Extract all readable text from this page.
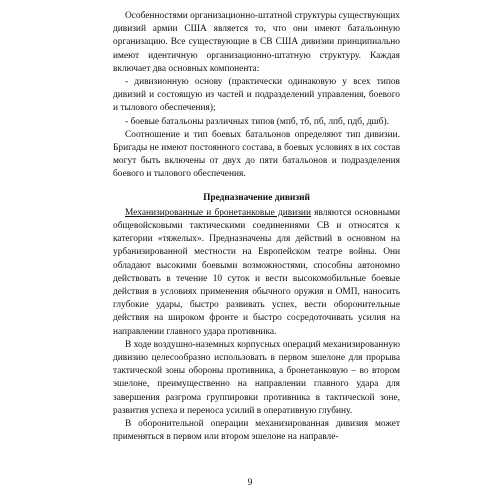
Особенностями организационно-штатной структуры существующих дивизий армии США является то, что они имеют батальонную организацию. Все существующие в СВ США дивизии принципиально имеют идентичную организационно-штатную структуру. Каждая включает два основных компонента:

- дивизионную основу (практически одинаковую у всех типов дивизий и состоящую из частей и подразделений управления, боевого и тылового обеспечения);

- боевые батальоны различных типов (мпб, тб, пб, лпб, пдб, дшб).

Соотношение и тип боевых батальонов определяют тип дивизии. Бригады не имеют постоянного состава, в боевых условиях в их состав могут быть включены от двух до пяти батальонов и подразделения боевого и тылового обеспечения.

Предназначение дивизий

Механизированные и бронетанковые дивизии являются основными общевойсковыми тактическими соединениями СВ и относятся к категории «тяжелых». Предназначены для действий в основном на урбанизированной местности на Европейском театре войны. Они обладают высокими боевыми возможностями, способны автономно действовать в течение 10 суток и вести высокомобильные боевые действия в условиях применения обычного оружия и ОМП, наносить глубокие удары, быстро развивать успех, вести оборонительные действия на широком фронте и быстро сосредоточивать усилия на направлении главного удара противника.

В ходе воздушно-наземных корпусных операций механизированную дивизию целесообразно использовать в первом эшелоне для прорыва тактической зоны обороны противника, а бронетанковую – во втором эшелоне, преимущественно на направлении главного удара для завершения разгрома группировки противника в тактической зоне, развития успеха и переноса усилий в оперативную глубину.

В оборонительной операции механизированная дивизия может применяться в первом или втором эшелоне на направле-

9
